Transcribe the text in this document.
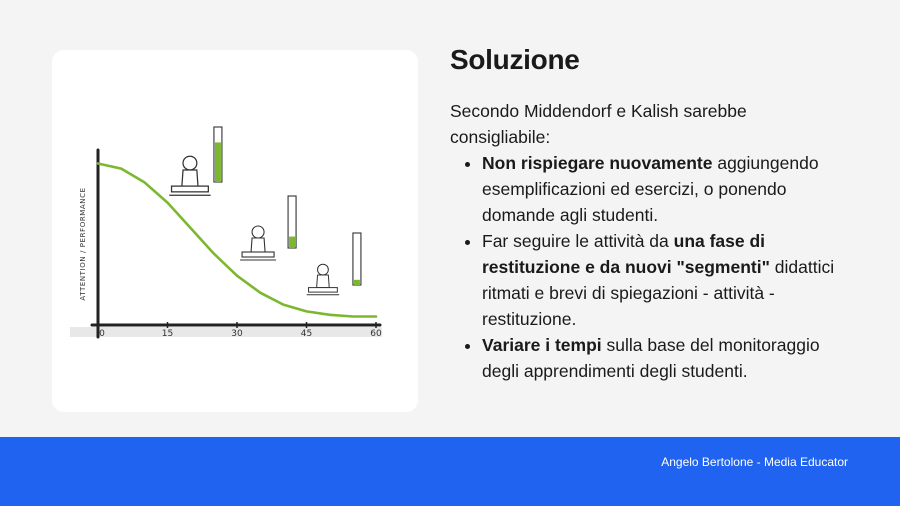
0	15	30	45	60
ATTENTION / PERFORMANCE
Soluzione

Secondo Middendorf e Kalish sarebbe consigliabile:

• Non rispiegare nuovamente aggiungendo esemplificazioni ed esercizi, o ponendo domande agli studenti.
• Far seguire le attività da una fase di restituzione e da nuovi "segmenti" didattici ritmati e brevi di spiegazioni - attività - restituzione.
• Variare i tempi sulla base del monitoraggio degli apprendimenti degli studenti.
Angelo Bertolone - Media Educator
